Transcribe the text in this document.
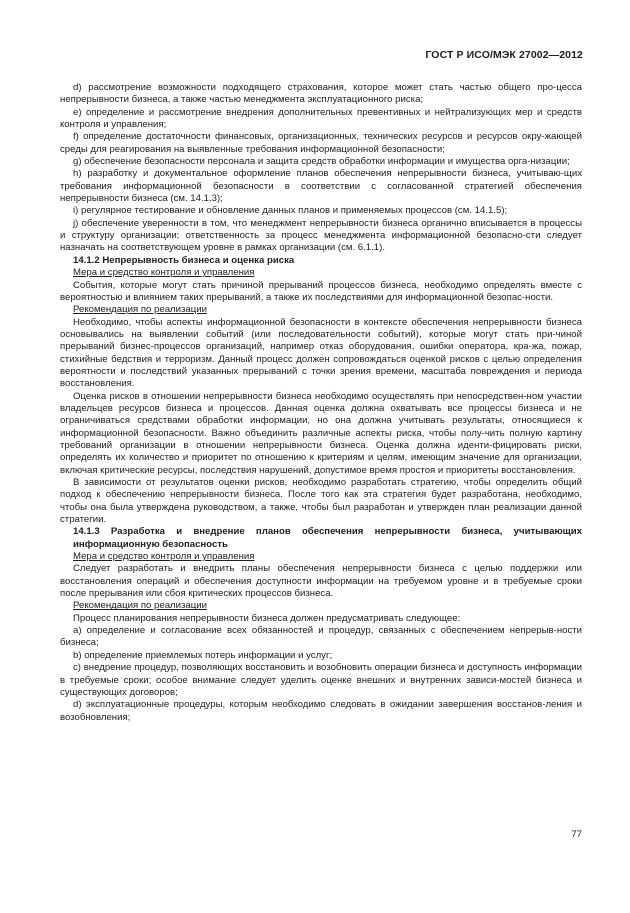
ГОСТ Р ИСО/МЭК 27002—2012

d) рассмотрение возможности подходящего страхования, которое может стать частью общего про-цесса непрерывности бизнеса, а также частью менеджмента эксплуатационного риска;

e) определение и рассмотрение внедрения дополнительных превентивных и нейтрализующих мер и средств контроля и управления;

f) определение достаточности финансовых, организационных, технических ресурсов и ресурсов окру-жающей среды для реагирования на выявленные требования информационной безопасности;

g) обеспечение безопасности персонала и защита средств обработки информации и имущества орга-низации;

h) разработку и документальное оформление планов обеспечения непрерывности бизнеса, учитываю-щих требования информационной безопасности в соответствии с согласованной стратегией обеспечения непрерывности бизнеса (см. 14.1.3);

i) регулярное тестирование и обновление данных планов и применяемых процессов (см. 14.1.5);

j) обеспечение уверенности в том, что менеджмент непрерывности бизнеса органично вписывается в процессы и структуру организации; ответственность за процесс менеджмента информационной безопасно-сти следует назначать на соответствующем уровне в рамках организации (см. 6.1.1).

14.1.2 Непрерывность бизнеса и оценка риска

Мера и средство контроля и управления

События, которые могут стать причиной прерываний процессов бизнеса, необходимо определять вместе с вероятностью и влиянием таких прерываний, а также их последствиями для информационной безопас-ности.

Рекомендация по реализации

Необходимо, чтобы аспекты информационной безопасности в контексте обеспечения непрерывности бизнеса основывались на выявлении событий (или последовательности событий), которые могут стать при-чиной прерываний бизнес-процессов организаций, например отказ оборудования, ошибки оператора, кра-жа, пожар, стихийные бедствия и терроризм. Данный процесс должен сопровождаться оценкой рисков с целью определения вероятности и последствий указанных прерываний с точки зрения времени, масштаба повреждения и периода восстановления.

Оценка рисков в отношении непрерывности бизнеса необходимо осуществлять при непосредствен-ном участии владельцев ресурсов бизнеса и процессов. Данная оценка должна охватывать все процессы бизнеса и не ограничиваться средствами обработки информации, но она должна учитывать результаты, относящиеся к информационной безопасности. Важно объединить различные аспекты риска, чтобы полу-чить полную картину требований организации в отношении непрерывности бизнеса. Оценка должна иденти-фицировать риски, определять их количество и приоритет по отношению к критериям и целям, имеющим значение для организации, включая критические ресурсы, последствия нарушений, допустимое время простоя и приоритеты восстановления.

В зависимости от результатов оценки рисков, необходимо разработать стратегию, чтобы определить общий подход к обеспечению непрерывности бизнеса. После того как эта стратегия будет разработана, необходимо, чтобы она была утверждена руководством, а также, чтобы был разработан и утвержден план реализации данной стратегии.

14.1.3 Разработка и внедрение планов обеспечения непрерывности бизнеса, учитывающих информационную безопасность

Мера и средство контроля и управления

Следует разработать и внедрить планы обеспечения непрерывности бизнеса с целью поддержки или восстановления операций и обеспечения доступности информации на требуемом уровне и в требуемые сроки после прерывания или сбоя критических процессов бизнеса.

Рекомендация по реализации

Процесс планирования непрерывности бизнеса должен предусматривать следующее:

a) определение и согласование всех обязанностей и процедур, связанных с обеспечением непрерыв-ности бизнеса;

b) определение приемлемых потерь информации и услуг;

c) внедрение процедур, позволяющих восстановить и возобновить операции бизнеса и доступность информации в требуемые сроки; особое внимание следует уделить оценке внешних и внутренних зависи-мостей бизнеса и существующих договоров;

d) эксплуатационные процедуры, которым необходимо следовать в ожидании завершения восстанов-ления и возобновления;

77
